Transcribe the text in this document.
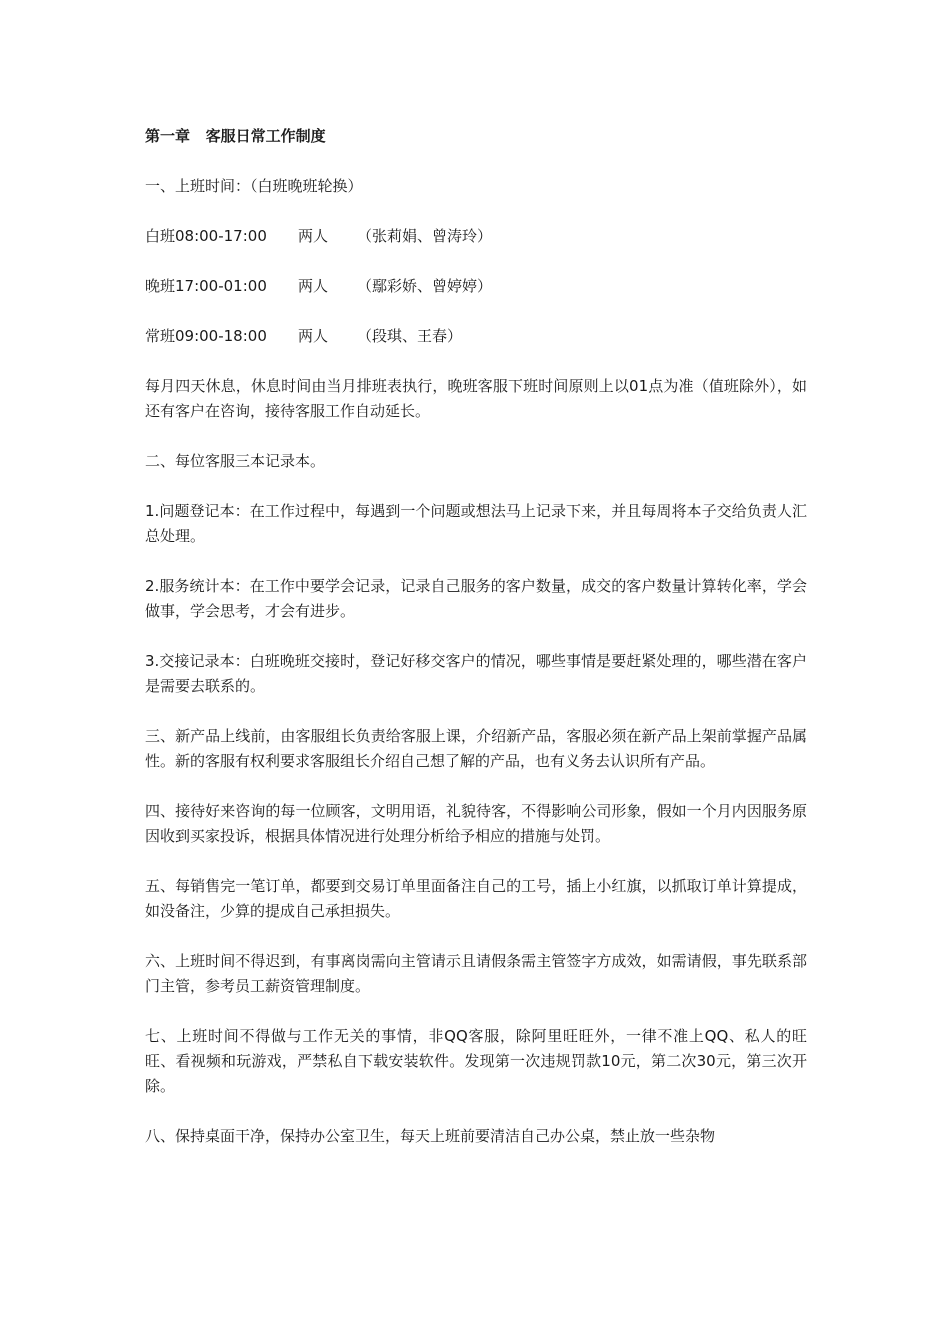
第一章   客服日常工作制度
一、上班时间：（白班晚班轮换）
白班08:00-17:00 两人 （张莉娟、曾涛玲）
晚班17:00-01:00 两人 （鄢彩娇、曾婷婷）
常班09:00-18:00 两人 （段琪、王春）
每月四天休息，休息时间由当月排班表执行，晚班客服下班时间原则上以01点为准（值班除外），如还有客户在咨询，接待客服工作自动延长。
二、每位客服三本记录本。
1.问题登记本：在工作过程中，每遇到一个问题或想法马上记录下来，并且每周将本子交给负责人汇总处理。
2.服务统计本：在工作中要学会记录，记录自己服务的客户数量，成交的客户数量计算转化率，学会做事，学会思考，才会有进步。
3.交接记录本：白班晚班交接时，登记好移交客户的情况，哪些事情是要赶紧处理的，哪些潜在客户是需要去联系的。
三、新产品上线前，由客服组长负责给客服上课，介绍新产品，客服必须在新产品上架前掌握产品属性。新的客服有权利要求客服组长介绍自己想了解的产品，也有义务去认识所有产品。
四、接待好来咨询的每一位顾客，文明用语，礼貌待客，不得影响公司形象，假如一个月内因服务原因收到买家投诉，根据具体情况进行处理分析给予相应的措施与处罚。
五、每销售完一笔订单，都要到交易订单里面备注自己的工号，插上小红旗，以抓取订单计算提成，如没备注，少算的提成自己承担损失。
六、上班时间不得迟到，有事离岗需向主管请示且请假条需主管签字方成效，如需请假，事先联系部门主管，参考员工薪资管理制度。
七、上班时间不得做与工作无关的事情，非QQ客服，除阿里旺旺外，一律不准上QQ、私人的旺旺、看视频和玩游戏，严禁私自下载安装软件。发现第一次违规罚款10元，第二次30元，第三次开除。
八、保持桌面干净，保持办公室卫生，每天上班前要清洁自己办公桌，禁止放一些杂物
